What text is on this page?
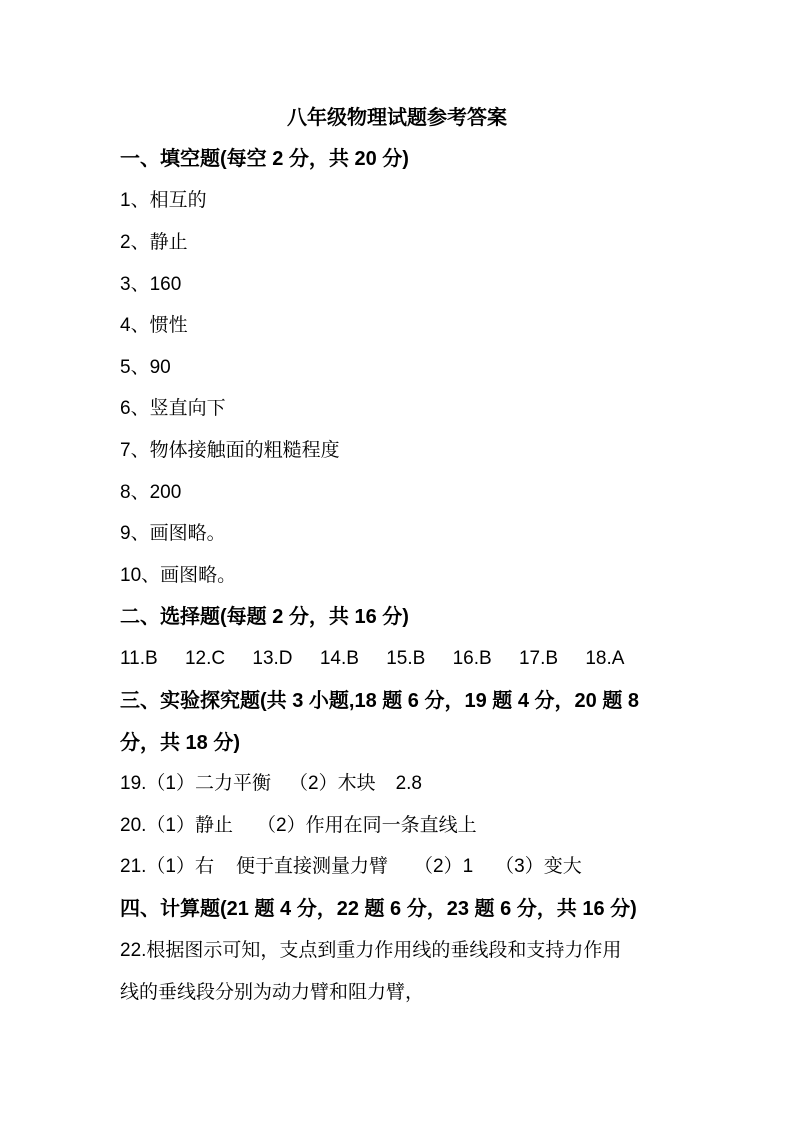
八年级物理试题参考答案
一、填空题(每空 2 分，共 20 分)
1、相互的
2、静止
3、160
4、惯性
5、90
6、竖直向下
7、物体接触面的粗糙程度
8、200
9、画图略。
10、画图略。
二、选择题(每题 2 分，共 16 分)
11.B 12.C 13.D 14.B 15.B 16.B 17.B 18.A
三、实验探究题(共 3 小题,18 题 6 分，19 题 4 分，20 题 8
分，共 18 分)
19.（1）二力平衡 （2）木块 2.8
20.（1）静止 （2）作用在同一条直线上
21.（1）右 便于直接测量力臂 （2）1 （3）变大
四、计算题(21 题 4 分，22 题 6 分，23 题 6 分，共 16 分)
22.根据图示可知，支点到重力作用线的垂线段和支持力作用
线的垂线段分别为动力臂和阻力臂，
